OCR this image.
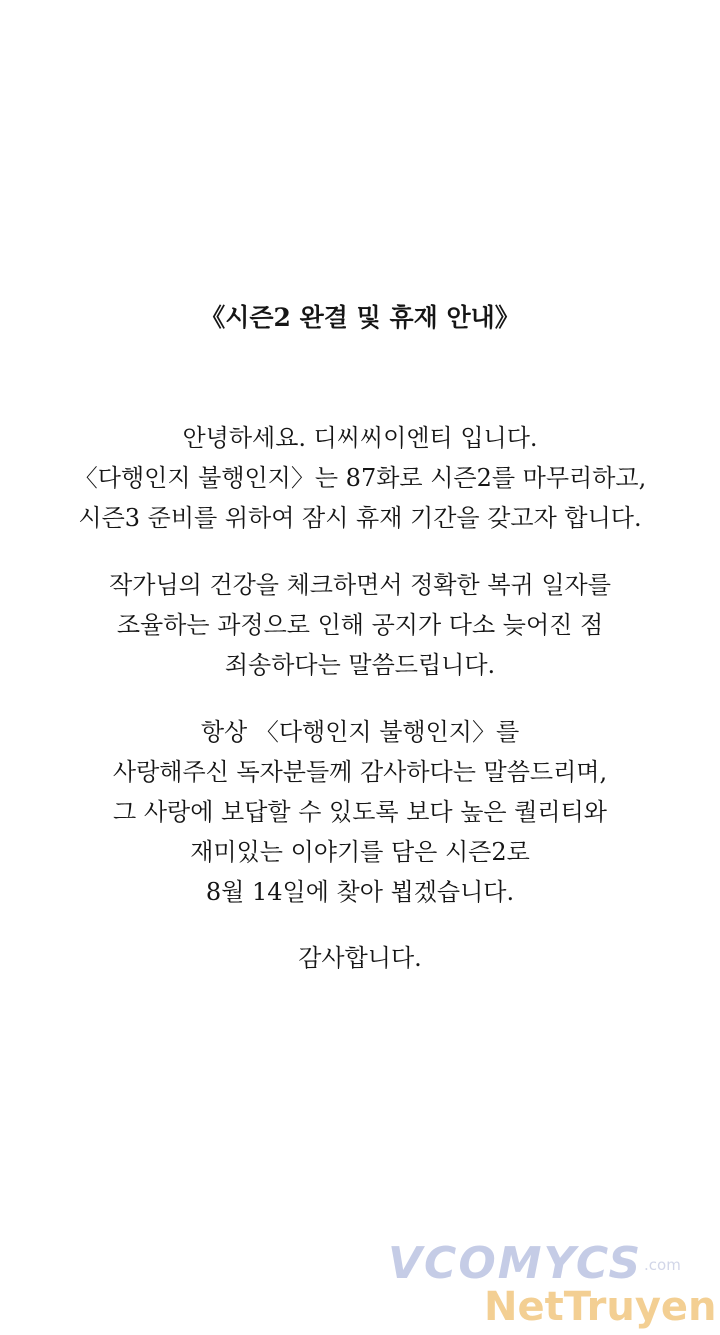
《시즌2 완결 및 휴재 안내》
안녕하세요. 디씨씨이엔티 입니다.
〈다행인지 불행인지〉는 87화로 시즌2를 마무리하고,
시즌3 준비를 위하여 잠시 휴재 기간을 갖고자 합니다.
작가님의 건강을 체크하면서 정확한 복귀 일자를
조율하는 과정으로 인해 공지가 다소 늦어진 점
죄송하다는 말씀드립니다.
항상 〈다행인지 불행인지〉를
사랑해주신 독자분들께 감사하다는 말씀드리며,
그 사랑에 보답할 수 있도록 보다 높은 퀄리티와
재미있는 이야기를 담은 시즌2로
8월 14일에 찾아 뵙겠습니다.
감사합니다.
VCOMYCS .com
NetTruyen
